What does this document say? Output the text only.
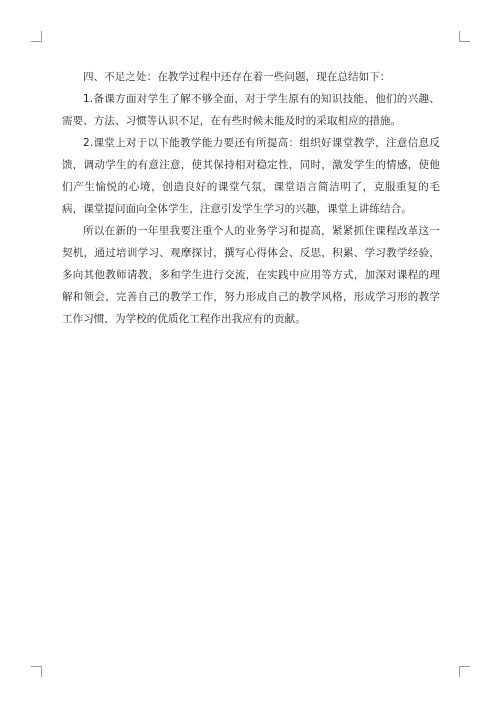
四、不足之处：在教学过程中还存在着一些问题，现在总结如下：

1.备课方面对学生了解不够全面，对于学生原有的知识技能，他们的兴趣、需要、方法、习惯等认识不足，在有些时候未能及时的采取相应的措施。

2.课堂上对于以下能教学能力要还有所提高：组织好课堂教学，注意信息反馈，调动学生的有意注意，使其保持相对稳定性，同时，激发学生的情感，使他们产生愉悦的心境，创造良好的课堂气氛，课堂语言简洁明了，克服重复的毛病，课堂提问面向全体学生，注意引发学生学习的兴趣，课堂上讲练结合。

所以在新的一年里我要注重个人的业务学习和提高，紧紧抓住课程改革这一契机，通过培训学习、观摩探讨，撰写心得体会、反思，积累、学习教学经验，多向其他教师请教，多和学生进行交流，在实践中应用等方式，加深对课程的理解和领会，完善自己的教学工作，努力形成自己的教学风格，形成学习形的教学工作习惯，为学校的优质化工程作出我应有的贡献。
